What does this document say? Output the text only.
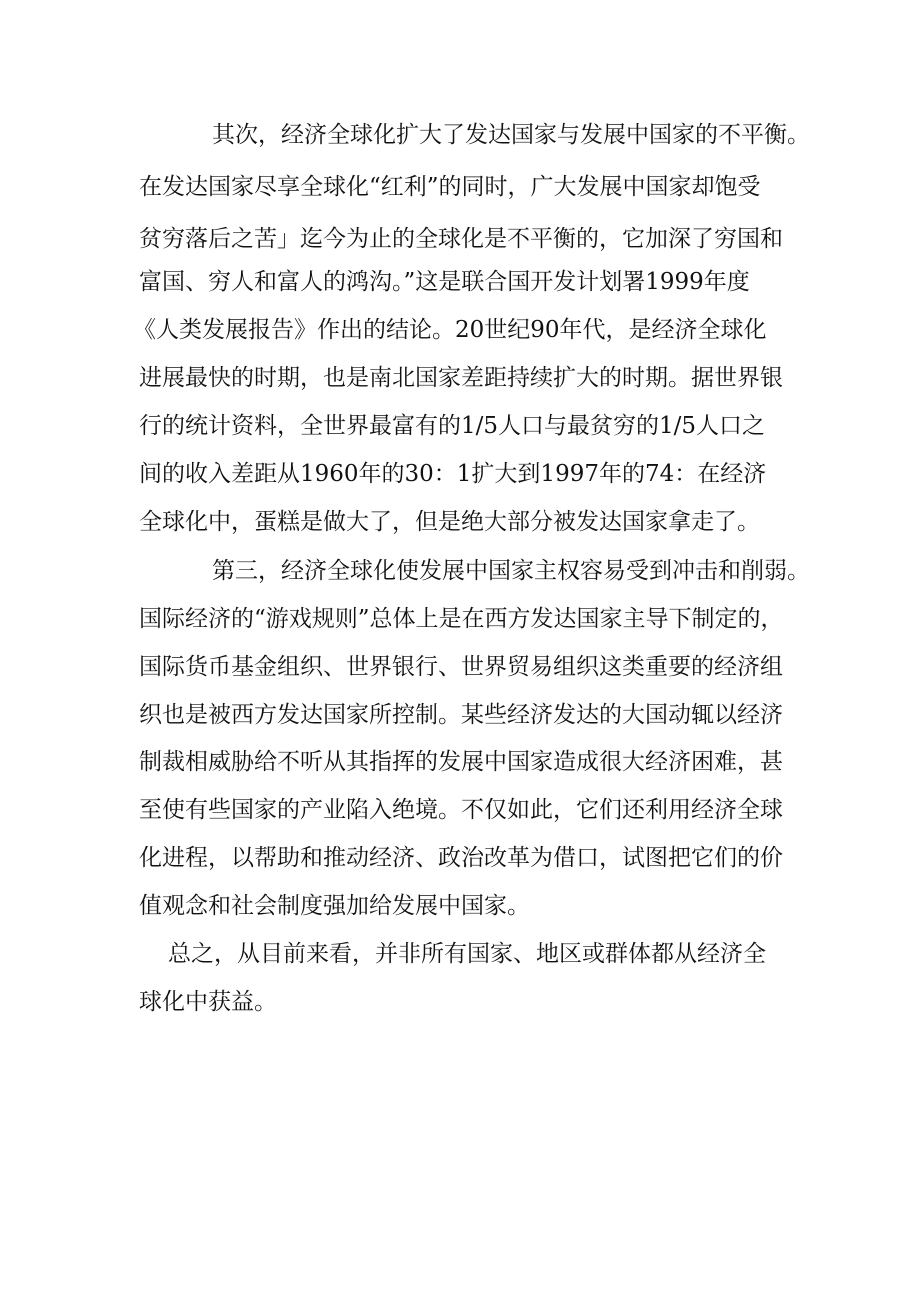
其次，经济全球化扩大了发达国家与发展中国家的不平衡。
在发达国家尽享全球化“红利”的同时，广大发展中国家却饱受
贫穷落后之苦」迄今为止的全球化是不平衡的，它加深了穷国和
富国、穷人和富人的鸿沟。”这是联合国开发计划署1999年度
《人类发展报告》作出的结论。20世纪90年代，是经济全球化
进展最快的时期，也是南北国家差距持续扩大的时期。据世界银
行的统计资料，全世界最富有的1/5人口与最贫穷的1/5人口之
间的收入差距从1960年的30：1扩大到1997年的74：在经济
全球化中，蛋糕是做大了，但是绝大部分被发达国家拿走了。
第三，经济全球化使发展中国家主权容易受到冲击和削弱。
国际经济的“游戏规则”总体上是在西方发达国家主导下制定的，
国际货币基金组织、世界银行、世界贸易组织这类重要的经济组
织也是被西方发达国家所控制。某些经济发达的大国动辄以经济
制裁相威胁给不听从其指挥的发展中国家造成很大经济困难，甚
至使有些国家的产业陷入绝境。不仅如此，它们还利用经济全球
化进程，以帮助和推动经济、政治改革为借口，试图把它们的价
值观念和社会制度强加给发展中国家。
总之，从目前来看，并非所有国家、地区或群体都从经济全
球化中获益。
